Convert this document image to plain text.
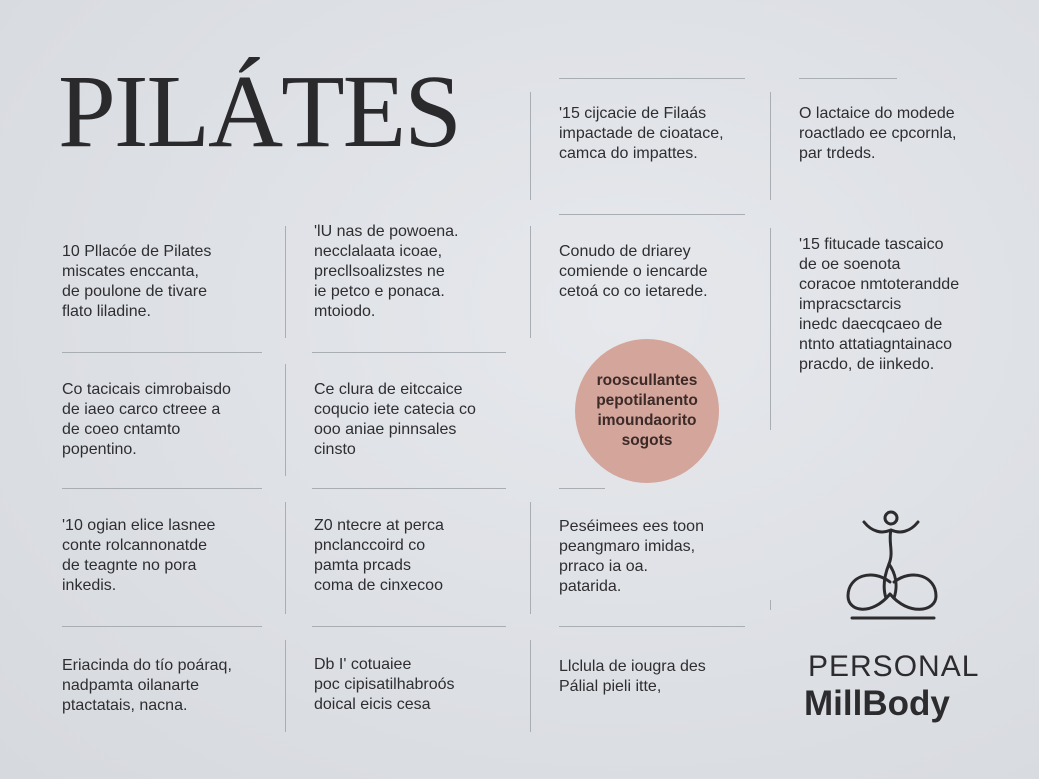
PILÁTES	'15 cijcacie de Filaás
impactade de cioatace,
camca do impattes.

O lactaice do modede
roactlado ee cpcornla,
par trdeds.

10 Pllacóe de Pilates
miscates enccanta,
de poulone de tivare
flato liladine.

'lU nas de powoena.
necclalaata icoae,
precllsoalizstes ne
ie petco e ponaca.
mtoiodo.

Conudo de driarey
comiende o iencarde
cetoá co co ietarede.

'15 fitucade tascaico
de oe soenota
coracoe nmtoterandde
impracsctarcis
inedc daecqcaeo de
ntnto attatiagntainaco
pracdo, de iinkedo.

Co tacicais cimrobaisdo
de iaeo carco ctreee a
de coeo cntamto
popentino.

Ce clura de eitccaice
coqucio iete catecia co
ooo aniae pinnsales
cinsto

'10 ogian elice lasnee
conte rolcannonatde
de teagnte no pora
inkedis.

Z0 ntecre at perca
pnclanccoird co
pamta prcads
coma de cinxecoo

Peséimees ees toon
peangmaro imidas,
prraco ia oa.
patarida.

Eriacinda do tío poáraq,
nadpamta oilanarte
ptactatais, nacna.

Db I' cotuaiee
poc cipisatilhabroós
doical eicis cesa

Llclula de iougra des
Pálial pieli itte,

rooscullantes
pepotilanento
imoundaorito
sogots

PERSONAL

MillBody
